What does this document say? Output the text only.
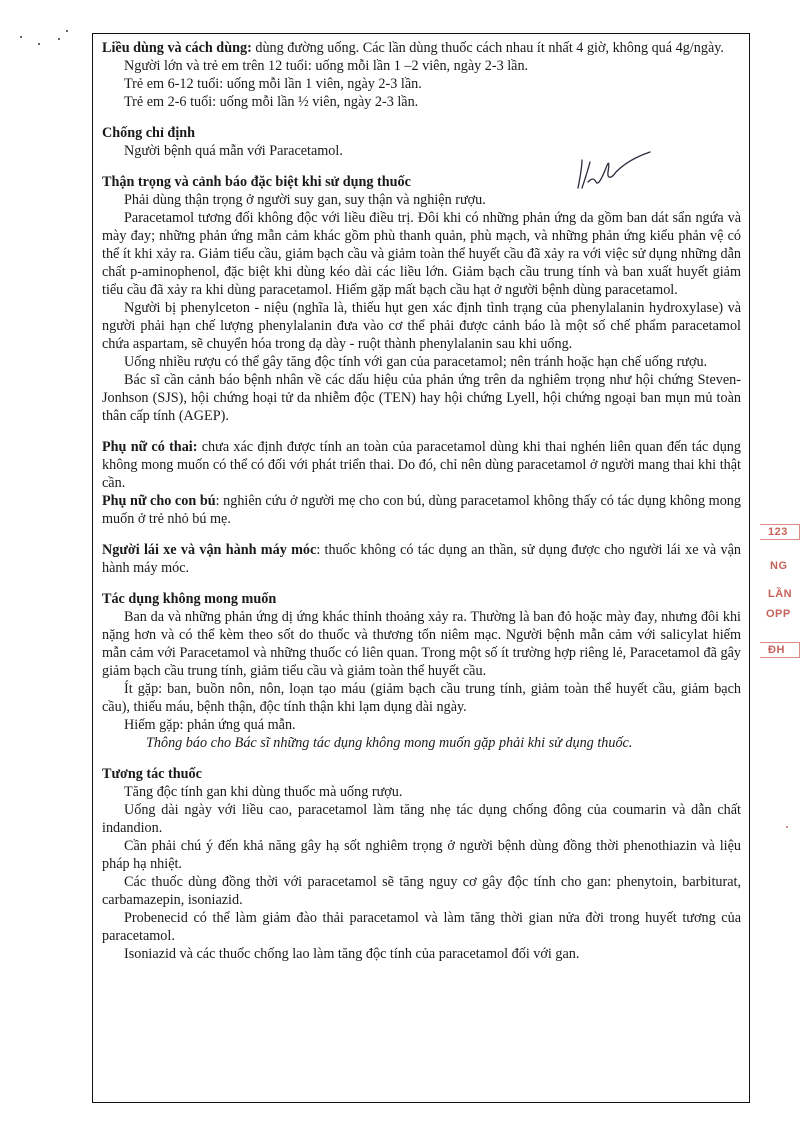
Liều dùng và cách dùng: dùng đường uống. Các lần dùng thuốc cách nhau ít nhất 4 giờ, không quá 4g/ngày.

Người lớn và trẻ em trên 12 tuổi: uống mỗi lần 1 –2 viên, ngày 2-3 lần.

Trẻ em 6-12 tuổi: uống mỗi lần 1 viên, ngày 2-3 lần.

Trẻ em 2-6 tuổi: uống mỗi lần ½ viên, ngày 2-3 lần.

Chống chỉ định

Người bệnh quá mẫn với Paracetamol.

Thận trọng và cảnh báo đặc biệt khi sử dụng thuốc

Phải dùng thận trọng ở người suy gan, suy thận và nghiện rượu.

Paracetamol tương đối không độc với liều điều trị. Đôi khi có những phản ứng da gồm ban dát sẩn ngứa và mày đay; những phản ứng mẫn cảm khác gồm phù thanh quản, phù mạch, và những phản ứng kiểu phản vệ có thể ít khi xảy ra. Giảm tiểu cầu, giảm bạch cầu và giảm toàn thể huyết cầu đã xảy ra với việc sử dụng những dẫn chất p-aminophenol, đặc biệt khi dùng kéo dài các liều lớn. Giảm bạch cầu trung tính và ban xuất huyết giảm tiểu cầu đã xảy ra khi dùng paracetamol. Hiếm gặp mất bạch cầu hạt ở người bệnh dùng paracetamol.

Người bị phenylceton - niệu (nghĩa là, thiếu hụt gen xác định tình trạng của phenylalanin hydroxylase) và người phải hạn chế lượng phenylalanin đưa vào cơ thể phải được cảnh báo là một số chế phẩm paracetamol chứa aspartam, sẽ chuyển hóa trong dạ dày - ruột thành phenylalanin sau khi uống.

Uống nhiều rượu có thể gây tăng độc tính với gan của paracetamol; nên tránh hoặc hạn chế uống rượu.

Bác sĩ cần cảnh báo bệnh nhân về các dấu hiệu của phản ứng trên da nghiêm trọng như hội chứng Steven-Jonhson (SJS), hội chứng hoại tử da nhiễm độc (TEN) hay hội chứng Lyell, hội chứng ngoại ban mụn mủ toàn thân cấp tính (AGEP).

Phụ nữ có thai: chưa xác định được tính an toàn của paracetamol dùng khi thai nghén liên quan đến tác dụng không mong muốn có thể có đối với phát triển thai. Do đó, chỉ nên dùng paracetamol ở người mang thai khi thật cần.

Phụ nữ cho con bú: nghiên cứu ở người mẹ cho con bú, dùng paracetamol không thấy có tác dụng không mong muốn ở trẻ nhỏ bú mẹ.

Người lái xe và vận hành máy móc: thuốc không có tác dụng an thần, sử dụng được cho người lái xe và vận hành máy móc.

Tác dụng không mong muốn

Ban da và những phản ứng dị ứng khác thỉnh thoảng xảy ra. Thường là ban đỏ hoặc mày đay, nhưng đôi khi nặng hơn và có thể kèm theo sốt do thuốc và thương tổn niêm mạc. Người bệnh mẫn cảm với salicylat hiếm mẫn cảm với Paracetamol và những thuốc có liên quan. Trong một số ít trường hợp riêng lẻ, Paracetamol đã gây giảm bạch cầu trung tính, giảm tiểu cầu và giảm toàn thể huyết cầu.

Ít gặp: ban, buồn nôn, nôn, loạn tạo máu (giảm bạch cầu trung tính, giảm toàn thể huyết cầu, giảm bạch cầu), thiếu máu, bệnh thận, độc tính thận khi lạm dụng dài ngày.

Hiếm gặp: phản ứng quá mẫn.

Thông báo cho Bác sĩ những tác dụng không mong muốn gặp phải khi sử dụng thuốc.

Tương tác thuốc

Tăng độc tính gan khi dùng thuốc mà uống rượu.

Uống dài ngày với liều cao, paracetamol làm tăng nhẹ tác dụng chống đông của coumarin và dẫn chất indandion.

Cần phải chú ý đến khả năng gây hạ sốt nghiêm trọng ở người bệnh dùng đồng thời phenothiazin và liệu pháp hạ nhiệt.

Các thuốc dùng đồng thời với paracetamol sẽ tăng nguy cơ gây độc tính cho gan: phenytoin, barbiturat, carbamazepin, isoniazid.

Probenecid có thể làm giảm đào thải paracetamol và làm tăng thời gian nửa đời trong huyết tương của paracetamol.

Isoniazid và các thuốc chống lao làm tăng độc tính của paracetamol đối với gan.

123
NG
LẦN
OPP
ĐH
